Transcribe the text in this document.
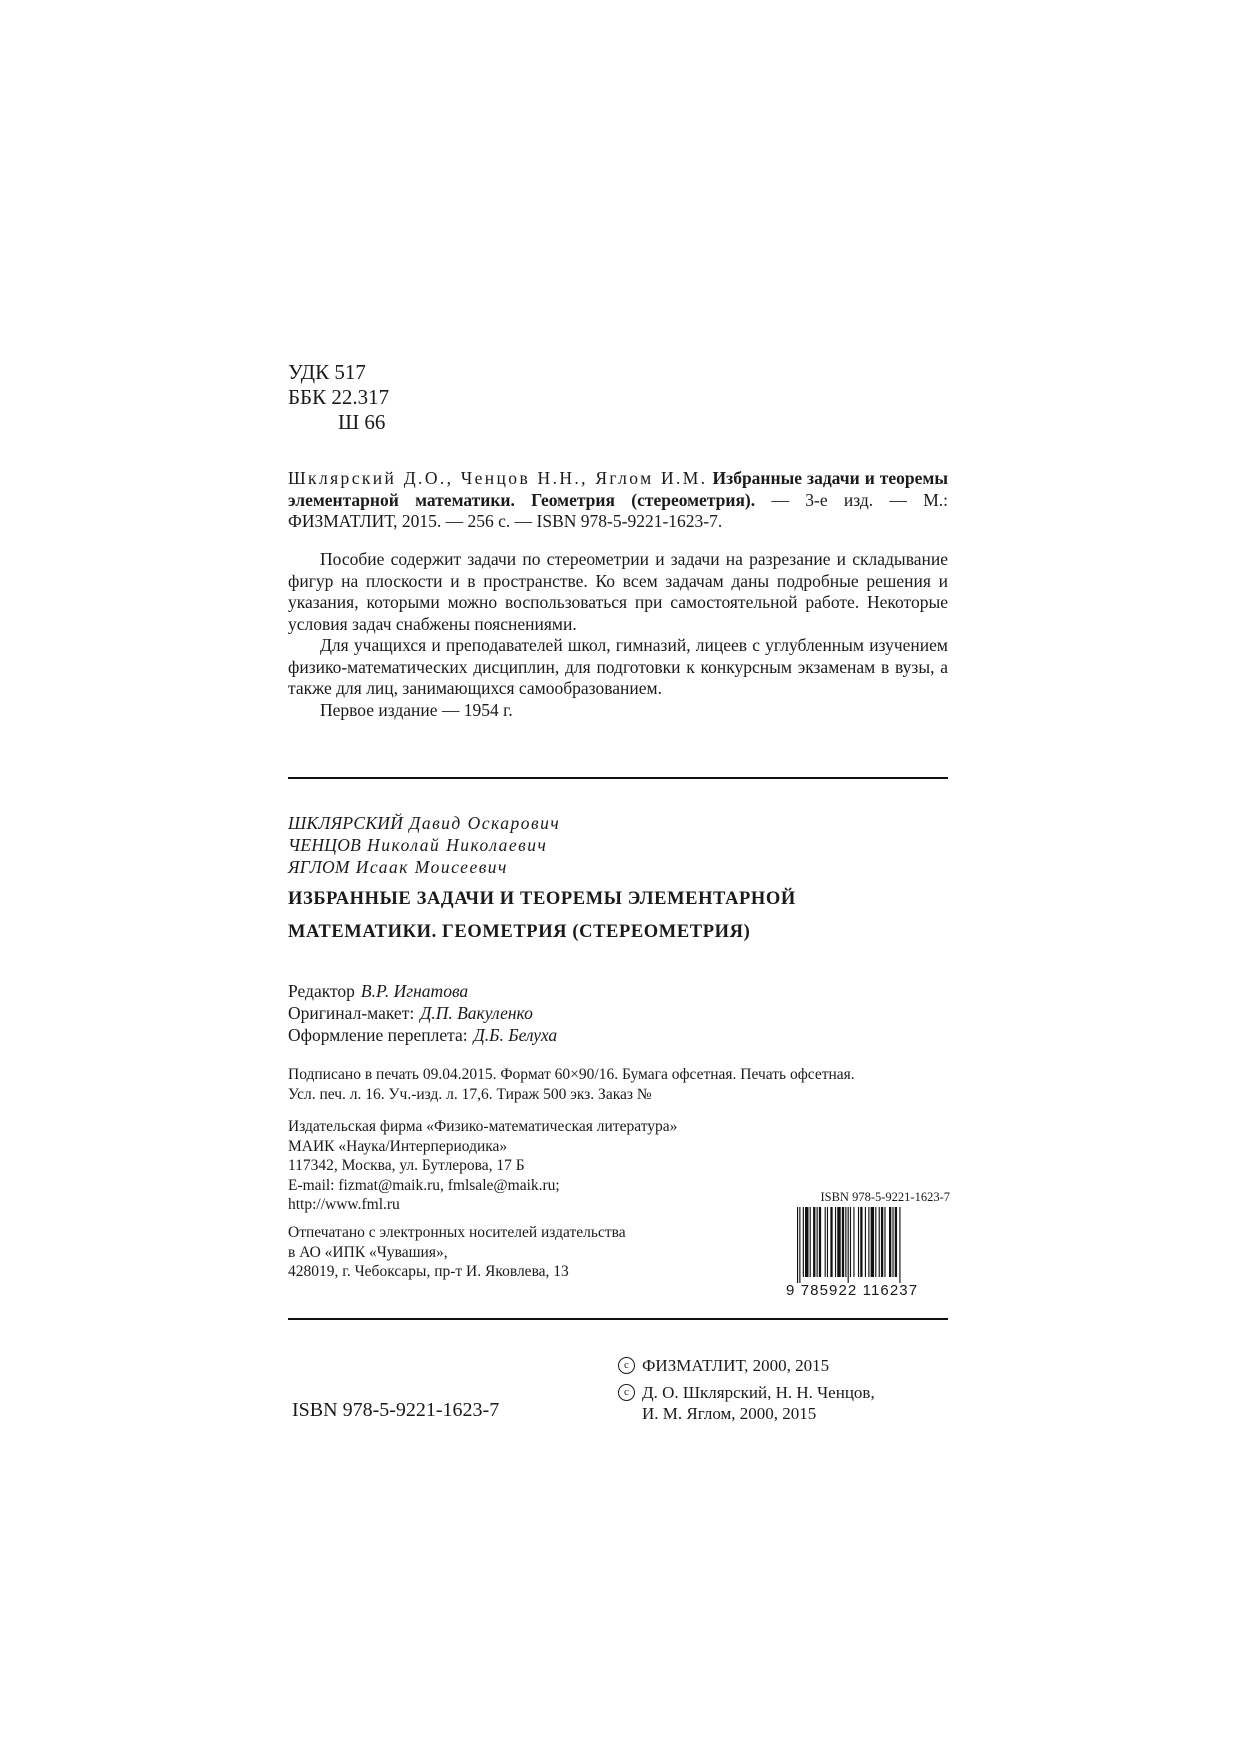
УДК 517
ББК 22.317
Ш 66
Шклярский Д.О., Ченцов Н.Н., Яглом И.М. Избранные задачи и теоремы элементарной математики. Геометрия (стереометрия). — 3-е изд. — М.: ФИЗМАТЛИТ, 2015. — 256 с. — ISBN 978-5-9221-1623-7.

Пособие содержит задачи по стереометрии и задачи на разрезание и складывание фигур на плоскости и в пространстве. Ко всем задачам даны подробные решения и указания, которыми можно воспользоваться при самостоятельной работе. Некоторые условия задач снабжены пояснениями.

Для учащихся и преподавателей школ, гимназий, лицеев с углубленным изучением физико-математических дисциплин, для подготовки к конкурсным экзаменам в вузы, а также для лиц, занимающихся самообразованием.

Первое издание — 1954 г.

ШКЛЯРСКИЙ Давид Оскарович
ЧЕНЦОВ Николай Николаевич
ЯГЛОМ Исаак Моисеевич
ИЗБРАННЫЕ ЗАДАЧИ И ТЕОРЕМЫ ЭЛЕМЕНТАРНОЙ
МАТЕМАТИКИ. ГЕОМЕТРИЯ (СТЕРЕОМЕТРИЯ)
Редактор В.Р. Игнатова
Оригинал-макет: Д.П. Вакуленко
Оформление переплета: Д.Б. Белуха
Подписано в печать 09.04.2015. Формат 60×90/16. Бумага офсетная. Печать офсетная.
Усл. печ. л. 16. Уч.-изд. л. 17,6. Тираж 500 экз. Заказ №
Издательская фирма «Физико-математическая литература»
МАИК «Наука/Интерпериодика»
117342, Москва, ул. Бутлерова, 17 Б
E-mail: fizmat@maik.ru, fmlsale@maik.ru;
http://www.fml.ru
Отпечатано с электронных носителей издательства
в АО «ИПК «Чувашия»,
428019, г. Чебоксары, пр-т И. Яковлева, 13
ISBN 978-5-9221-1623-7
9 785922 116237
ISBN 978-5-9221-1623-7
c ФИЗМАТЛИТ, 2000, 2015
c Д. О. Шклярский, Н. Н. Ченцов,
И. М. Яглом, 2000, 2015
